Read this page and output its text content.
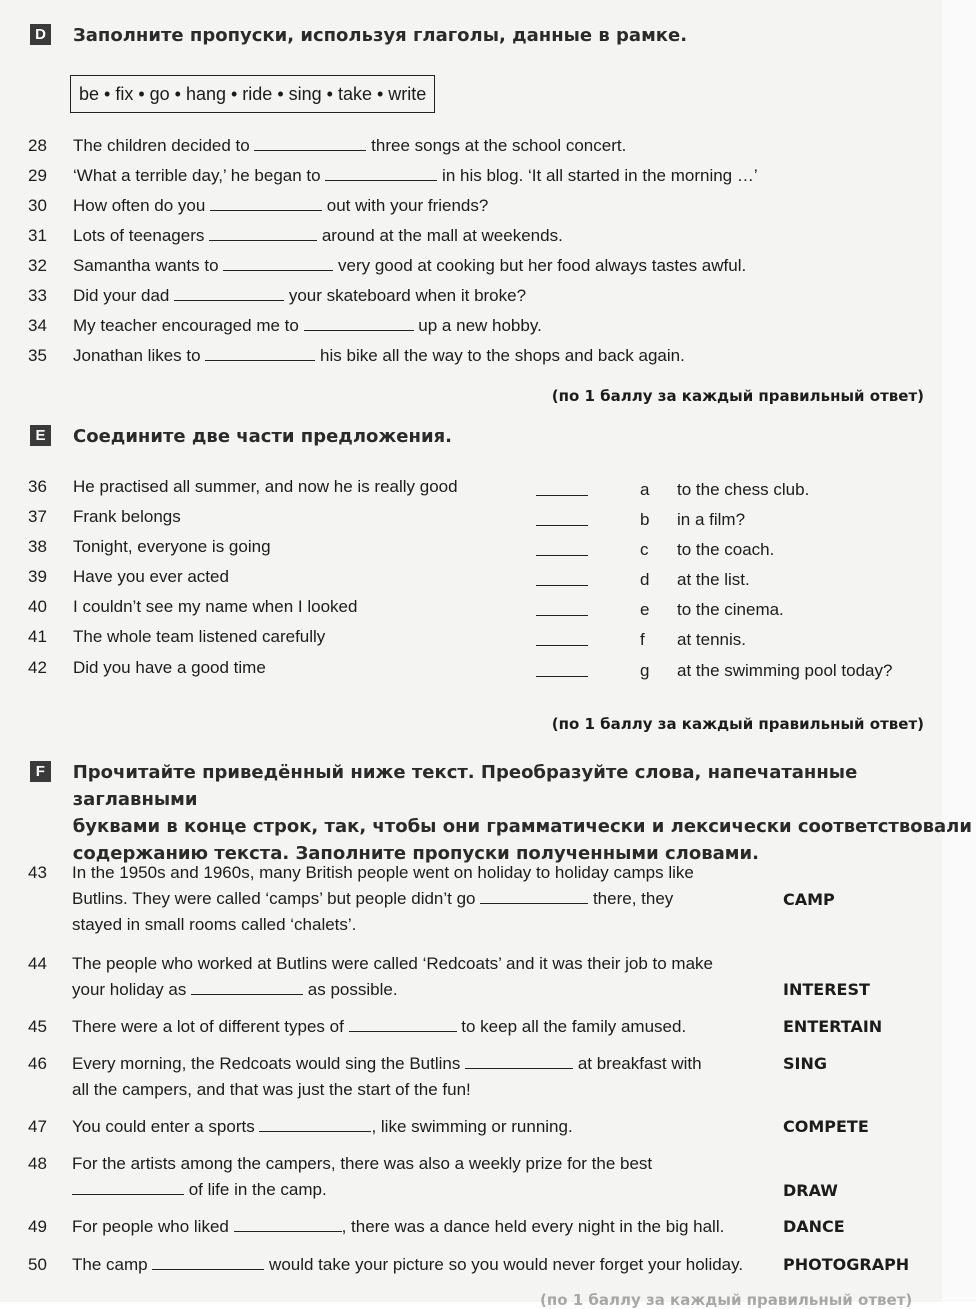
D Заполните пропуски, используя глаголы, данные в рамке.
be • fix • go • hang • ride • sing • take • write
28 The children decided to	three songs at the school concert.
29 ‘What a terrible day,’ he began to	in his blog. ‘It all started in the morning …’
30 How often do you	out with your friends?
31 Lots of teenagers	around at the mall at weekends.
32 Samantha wants to	very good at cooking but her food always tastes awful.
33 Did your dad	your skateboard when it broke?
34 My teacher encouraged me to	up a new hobby.
35 Jonathan likes to	his bike all the way to the shops and back again.
(по 1 баллу за каждый правильный ответ)
E	Соедините две части предложения.
36 He practised all summer, and now he is really good	a to the chess club.
37 Frank belongs	b in a film?
38 Tonight, everyone is going	c to the coach.
39 Have you ever acted	d at the list.
40 I couldn’t see my name when I looked	e to the cinema.
41 The whole team listened carefully	f at tennis.
42 Did you have a good time	g at the swimming pool today?
(по 1 баллу за каждый правильный ответ)
F	Прочитайте приведённый ниже текст. Преобразуйте слова, напечатанные заглавными
буквами в конце строк, так, чтобы они грамматически и лексически соответствовали
содержанию текста. Заполните пропуски полученными словами.
43 In the 1950s and 1960s, many British people went on holiday to holiday camps like
Butlins. They were called ‘camps’ but people didn’t go	there, they
stayed in small rooms called ‘chalets’.
CAMP
44 The people who worked at Butlins were called ‘Redcoats’ and it was their job to make
your holiday as	as possible.	INTEREST
45 There were a lot of different types of	to keep all the family amused.	ENTERTAIN
46 Every morning, the Redcoats would sing the Butlins	at breakfast with
all the campers, and that was just the start of the fun!
SING
47 You could enter a sports	, like swimming or running.	COMPETE
48 For the artists among the campers, there was also a weekly prize for the best
of life in the camp.	DRAW
49 For people who liked	, there was a dance held every night in the big hall.	DANCE
50 The camp	would take your picture so you would never forget your holiday.	PHOTOGRAPH
(по 1 баллу за каждый правильный ответ)
